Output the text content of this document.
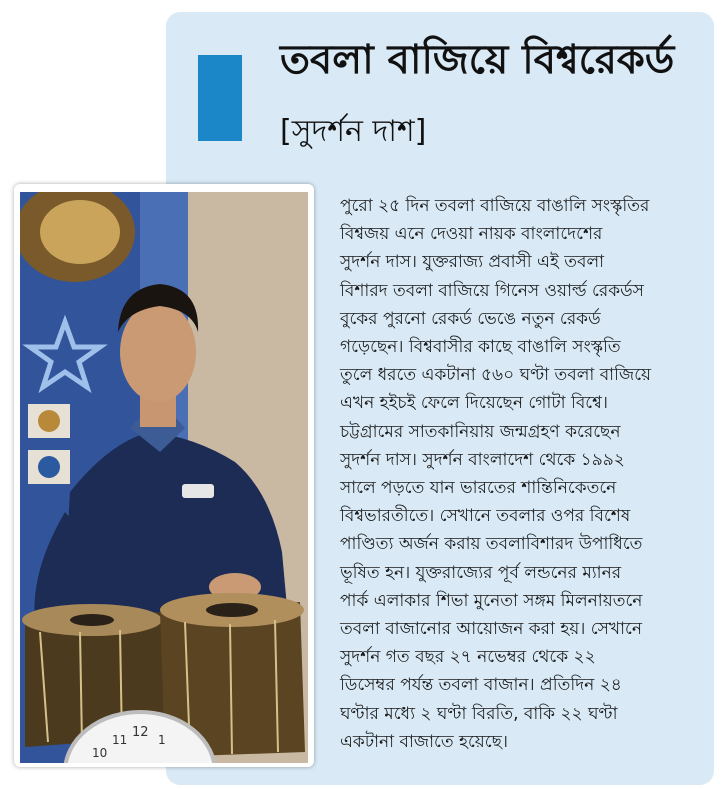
তবলা বাজিয়ে বিশ্বরেকর্ড
[সুদর্শন দাশ]
12
11	1
10
পুরো ২৫ দিন তবলা বাজিয়ে বাঙালি সংস্কৃতির
বিশ্বজয় এনে দেওয়া নায়ক বাংলাদেশের
সুদর্শন দাস। যুক্তরাজ্য প্রবাসী এই তবলা
বিশারদ তবলা বাজিয়ে গিনেস ওয়ার্ল্ড রেকর্ডস
বুকের পুরনো রেকর্ড ভেঙে নতুন রেকর্ড
গড়েছেন। বিশ্ববাসীর কাছে বাঙালি সংস্কৃতি
তুলে ধরতে একটানা ৫৬০ ঘণ্টা তবলা বাজিয়ে
এখন হইচই ফেলে দিয়েছেন গোটা বিশ্বে।
চট্টগ্রামের সাতকানিয়ায় জন্মগ্রহণ করেছেন
সুদর্শন দাস। সুদর্শন বাংলাদেশ থেকে ১৯৯২
সালে পড়তে যান ভারতের শান্তিনিকেতনে
বিশ্বভারতীতে। সেখানে তবলার ওপর বিশেষ
পাণ্ডিত্য অর্জন করায় তবলাবিশারদ উপাধিতে
ভূষিত হন। যুক্তরাজ্যের পূর্ব লন্ডনের ম্যানর
পার্ক এলাকার শিভা মুনেতা সঙ্গম মিলনায়তনে
তবলা বাজানোর আয়োজন করা হয়। সেখানে
সুদর্শন গত বছর ২৭ নভেম্বর থেকে ২২
ডিসেম্বর পর্যন্ত তবলা বাজান। প্রতিদিন ২৪
ঘণ্টার মধ্যে ২ ঘণ্টা বিরতি, বাকি ২২ ঘণ্টা
একটানা বাজাতে হয়েছে।
